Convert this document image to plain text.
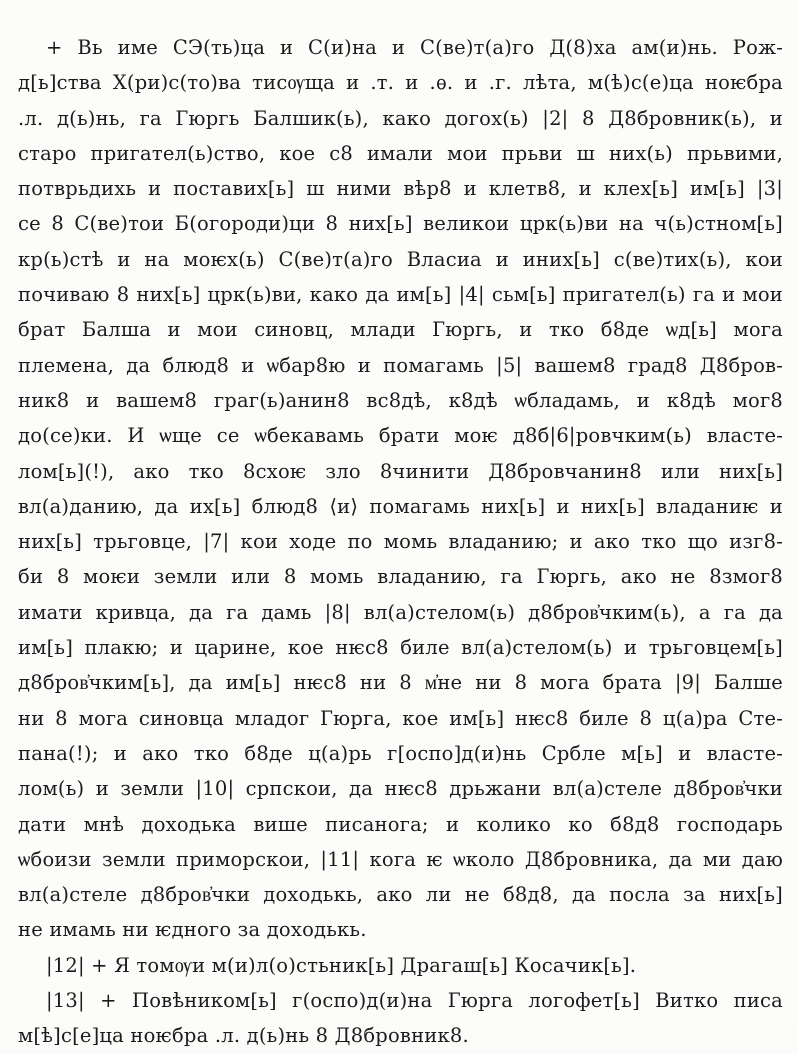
+ Вь име СЭ(ть)ца и С(и)на и С(ве)т(а)го Д(8)ха ам(и)нь. Рож-
д[ь]ства Х(ри)с(то)ва тисѹща и .т. и .ѳ. и .г. лѣта, м(ѣ)с(е)ца ноѥбра
.л. д(ь)нь, га Гюргь Балшик(ь), како догох(ь) |2| 8 Д8бровник(ь), и
старо пригател(ь)ство, кое с8 имали мои прьви ш них(ь) прьвими,
потврьдихь и поставих[ь] ш ними вѣр8 и клетв8, и клех[ь] им[ь] |3|
се 8 С(ве)тои Б(огороди)ци 8 них[ь] великои црк(ь)ви на ч(ь)стном[ь]
кр(ь)стѣ и на моѥх(ь) С(ве)т(а)го Власиа и иних[ь] с(ве)тих(ь), кои
почиваю 8 них[ь] црк(ь)ви, како да им[ь] |4| сьм[ь] пригател(ь) га и мои
брат Балша и мои синовц, млади Гюргь, и тко б8де ѡд[ь] мога
племена, да блюд8 и ѡбар8ю и помагамь |5| вашем8 град8 Д8бров-
ник8 и вашем8 граг(ь)анин8 вс8дѣ, к8дѣ ѡбладамь, и к8дѣ мог8
до(се)ки. И ѡще се ѡбекавамь брати моѥ д8б|6|ровчким(ь) власте-
лом[ь](!), ако тко 8схоѥ зло 8чинити Д8бровчанин8 или них[ь]
вл(а)данию, да их[ь] блюд8 ⟨и⟩ помагамь них[ь] и них[ь] владаниѥ и
них[ь] трьговце, |7| кои ходе по момь владанию; и ако тко що изг8-
би 8 моѥи земли или 8 момь владанию, га Гюргь, ако не 8змог8
имати кривца, да га дамь |8| вл(а)стелом(ь) д8бров҆чким(ь), а га да
им[ь] плакю; и царине, кое нѥс8 биле вл(а)стелом(ь) и трьговцем[ь]
д8бров҆чким[ь], да им[ь] нѥс8 ни 8 м҆не ни 8 мога брата |9| Балше
ни 8 мога синовца младог Гюрга, кое им[ь] нѥс8 биле 8 ц(а)ра Сте-
пана(!); и ако тко б8де ц(а)рь г[оспо]д(и)нь Србле м[ь] и власте-
лом(ь) и земли |10| српскои, да нѥс8 дрьжани вл(а)стеле д8бров҆чки
дати мнѣ доходька више писанога; и колико ко б8д8 господарь
ѡбоизи земли приморскои, |11| кога ѥ ѡколо Д8бровника, да ми даю
вл(а)стеле д8бров҆чки доходькь, ако ли не б8д8, да посла за них[ь]
не имамь ни ѥдного за доходькь.
|12| + Я томѹи м(и)л(о)стьник[ь] Драгаш[ь] Косачик[ь].
|13| + Повѣником[ь] г(оспо)д(и)на Гюрга логофет[ь] Витко писа
м[ѣ]с[е]ца ноѥбра .л. д(ь)нь 8 Д8бровник8.
